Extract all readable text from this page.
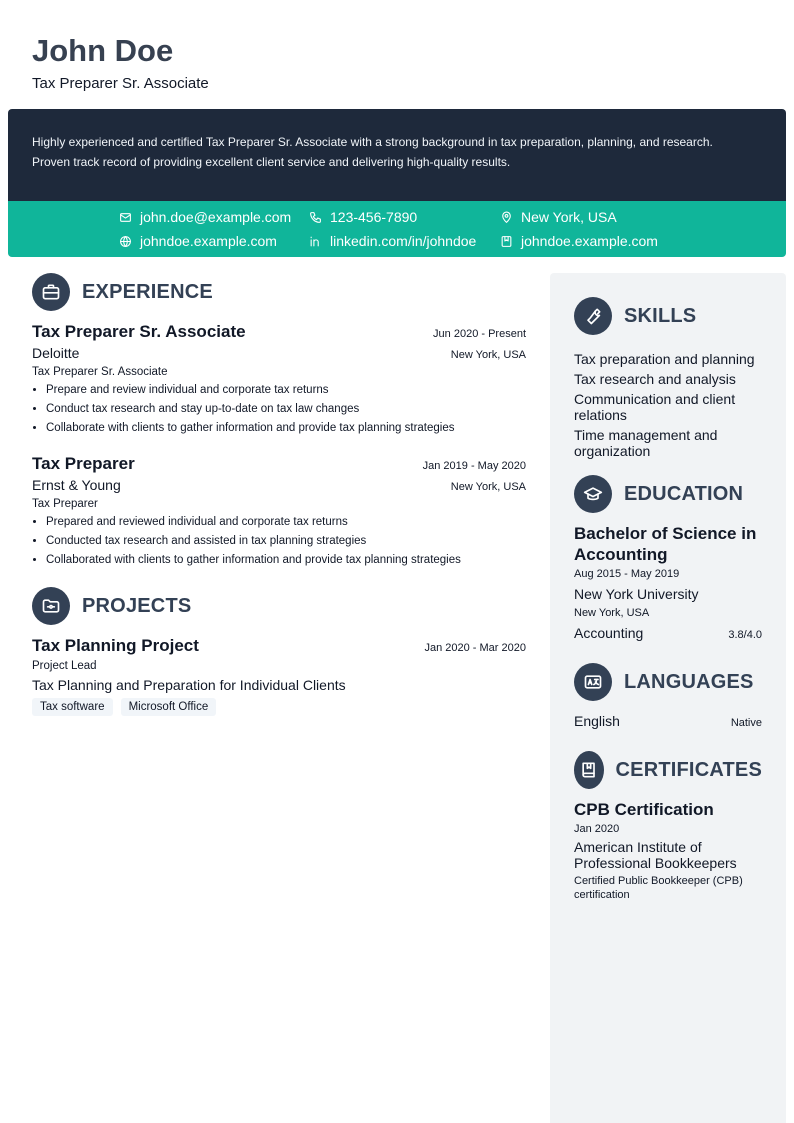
John Doe
Tax Preparer Sr. Associate
Highly experienced and certified Tax Preparer Sr. Associate with a strong background in tax preparation, planning, and research.
Proven track record of providing excellent client service and delivering high-quality results.
john.doe@example.com	123-456-7890	New York, USA
johndoe.example.com	linkedin.com/in/johndoe	johndoe.example.com
EXPERIENCE
Tax Preparer Sr. Associate	Jun 2020 - Present
Deloitte	New York, USA
Tax Preparer Sr. Associate
• Prepare and review individual and corporate tax returns
• Conduct tax research and stay up-to-date on tax law changes
• Collaborate with clients to gather information and provide tax planning strategies
Tax Preparer	Jan 2019 - May 2020
Ernst & Young	New York, USA
Tax Preparer
• Prepared and reviewed individual and corporate tax returns
• Conducted tax research and assisted in tax planning strategies
• Collaborated with clients to gather information and provide tax planning strategies
PROJECTS
Tax Planning Project	Jan 2020 - Mar 2020
Project Lead
Tax Planning and Preparation for Individual Clients
Tax software	Microsoft Office
SKILLS
Tax preparation and planning
Tax research and analysis
Communication and client relations
Time management and organization
EDUCATION
Bachelor of Science in Accounting
Aug 2015 - May 2019
New York University
New York, USA
Accounting	3.8/4.0
LANGUAGES
English	Native
CERTIFICATES
CPB Certification
Jan 2020
American Institute of Professional Bookkeepers
Certified Public Bookkeeper (CPB) certification
